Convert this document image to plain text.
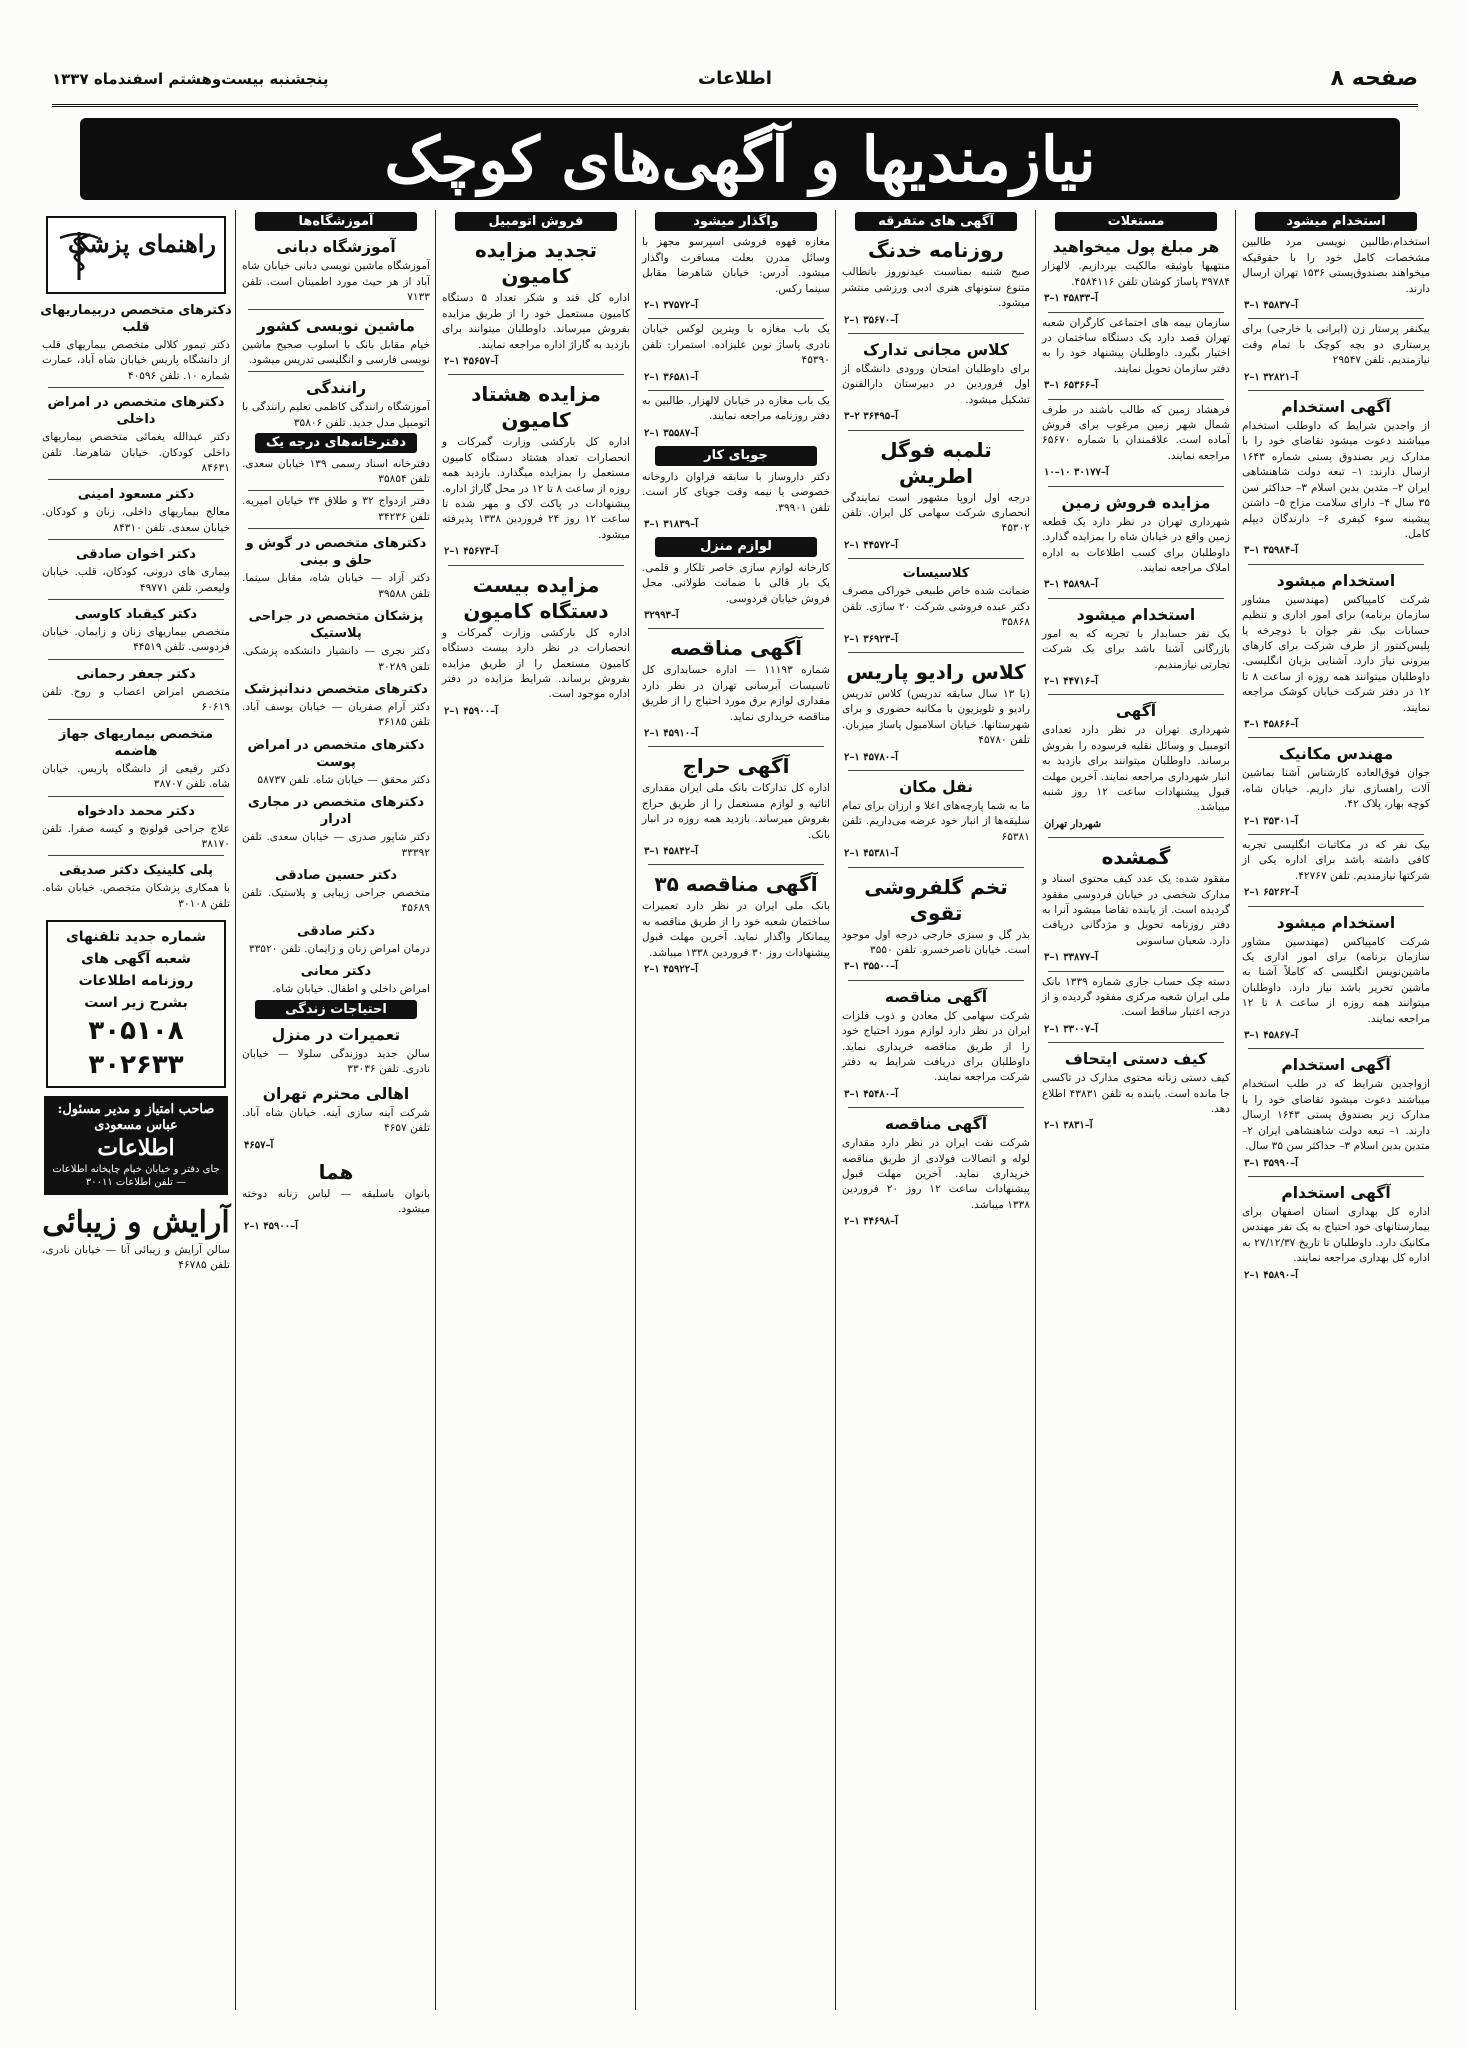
صفحه ۸
اطلاعات
پنجشنبه بیست‌وهشتم اسفندماه ۱۳۳۷
نیازمندیها و آگهی‌های کوچک
استخدام میشود
استخدام،طالبین نویسی مرد طالبین مشخصات کامل خود را با حقوقیکه میخواهند بصندوق‌پستی ۱۵۳۶ تهران ارسال دارند.
۳–۱ آ–۴۵۸۳۷
بیکنفر پرستار زن (ایرانی یا خارجی) برای پرستاری دو بچه کوچک با تمام وقت نیازمندیم. تلفن ۲۹۵۴۷
۲–۱ آ–۳۲۸۲۱
آگهی استخدام
از واجدین شرایط که داوطلب استخدام میباشند دعوت میشود تقاضای خود را با مدارک زیر بصندوق پستی شماره ۱۶۴۳ ارسال دارند: ۱– تبعه دولت شاهنشاهی ایران ۲– متدین بدین اسلام ۳– حداکثر سن ۳۵ سال ۴– دارای سلامت مزاج ۵– داشتن پیشینه سوء کیفری ۶– دارندگان دیپلم کامل.
۳–۱ آ–۳۵۹۸۴
استخدام میشود
شرکت کامپیاکس (مهندسین مشاور سازمان برنامه) برای امور اداری و تنظیم حسابات بیک نفر جوان با دوچرخه یا پلیس‌کنتور از طرف شرکت برای کارهای بیرونی نیاز دارد. آشنایی بزبان انگلیسی. داوطلبان میتوانند همه روزه از ساعت ۸ تا ۱۲ در دفتر شرکت خیابان کوشک مراجعه نمایند.
۳–۱ آ–۴۵۸۶۶
مهندس مکانیک
جوان فوق‌العاده کارشناس آشنا بماشین آلات راهسازی نیاز داریم. خیابان شاه، کوچه بهار، پلاک ۴۲.
۲–۱ آ–۳۵۳۰۱
بیک نفر که در مکاتبات انگلیسی تجربه کافی داشته باشد برای اداره یکی از شرکتها نیازمندیم. تلفن ۴۲۷۶۷.
۲–۱ آ–۶۵۲۶۲
استخدام میشود
شرکت کامپیاکس (مهندسین مشاور سازمان برنامه) برای امور اداری یک ماشین‌نویس انگلیسی که کاملاً آشنا به ماشین تحریر باشد نیاز دارد. داوطلبان میتوانند همه روزه از ساعت ۸ تا ۱۲ مراجعه نمایند.
۳–۱ آ–۴۵۸۶۷
آگهی استخدام
ازواجدین شرایط که در طلب استخدام میباشند دعوت میشود تقاضای خود را با مدارک زیر بصندوق پستی ۱۶۴۳ ارسال دارند. ۱– تبعه دولت شاهنشاهی ایران ۲– متدین بدین اسلام ۳– حداکثر سن ۳۵ سال.
۳–۱ آ–۳۵۹۹۰
آگهی استخدام
اداره کل بهداری استان اصفهان برای بیمارستانهای خود احتیاج به یک نفر مهندس مکانیک دارد. داوطلبان تا تاریخ ۲۷/۱۲/۳۷ به اداره کل بهداری مراجعه نمایند.
۲–۱ آ–۴۵۸۹۰
مستغلات
هر مبلغ پول میخواهید
منتهیها باوثیقه مالکیت بپردازیم. لالهزار ۳۹۷۸۴ پاساژ کوشان تلفن ۴۵۸۴۱۱۶.
۳–۱ آ–۴۵۸۳۳
سازمان بیمه های اجتماعی کارگران شعبه تهران قصد دارد یک دستگاه ساختمان در اختیار بگیرد. داوطلبان پیشنهاد خود را به دفتر سازمان تحویل نمایند.
۳–۱ آ–۶۵۳۶۶
فرهشاد زمین که طالب باشند در طرف شمال شهر زمین مرغوب برای فروش آماده است. علاقمندان با شماره ۶۵۶۷۰ مراجعه نمایند.
۱۰–۱۰ آ–۳۰۱۷۷
مزایده فروش زمین
شهرداری تهران در نظر دارد یک قطعه زمین واقع در خیابان شاه را بمزایده گذارد. داوطلبان برای کسب اطلاعات به اداره املاک مراجعه نمایند.
۳–۱ آ–۴۵۸۹۸
استخدام میشود
یک نفر حسابدار با تجربه که به امور بازرگانی آشنا باشد برای یک شرکت تجارتی نیازمندیم.
۲–۱ آ–۴۴۷۱۶
آگهی
شهرداری تهران در نظر دارد تعدادی اتومبیل و وسائل نقلیه فرسوده را بفروش برساند. داوطلبان میتوانند برای بازدید به انبار شهرداری مراجعه نمایند. آخرین مهلت قبول پیشنهادات ساعت ۱۲ روز شنبه میباشد.
شهردار تهران
گمشده
مفقود شده: یک عدد کیف محتوی اسناد و مدارک شخصی در خیابان فردوسی مفقود گردیده است. از یابنده تقاضا میشود آنرا به دفتر روزنامه تحویل و مژدگانی دریافت دارد. شعبان ساسونی
۳–۱ آ–۳۳۸۷۷
دسته چک حساب جاری شماره ۱۳۳۹ بانک ملی ایران شعبه مرکزی مفقود گردیده و از درجه اعتبار ساقط است.
۲–۱ آ–۳۳۰۰۷
کیف دستی ایتحاف
کیف دستی زنانه محتوی مدارک در تاکسی جا مانده است. یابنده به تلفن ۴۳۸۳۱ اطلاع دهد.
۲–۱ آ–۳۸۳۱
آگهی های متفرقه
روزنامه خدنگ
صبح شنبه بمناسبت عیدنوروز باتطالب متنوع ستونهای هنری ادبی ورزشی منتشر میشود.
۲–۱ آ–۳۵۶۷۰
کلاس مجانی تدارک
برای داوطلبان امتحان ورودی دانشگاه از اول فروردین در دبیرستان دارالفنون تشکیل میشود.
۳–۲ آ–۳۶۴۹۵
تلمبه فوگل اطریش
درجه اول اروپا مشهور است نمایندگی انحصاری شرکت سهامی کل ایران. تلفن ۴۵۳۰۲
۲–۱ آ–۴۴۵۷۲
کلاسیسات
ضمانت شده خاص طبیعی خوراکی مصرف دکتر عبده فروشی شرکت ۲۰ سازی. تلفن ۳۵۸۶۸
۲–۱ آ–۳۶۹۲۳
کلاس رادیو پاریس
(با ۱۳ سال سابقه تدریس) کلاس تدریس رادیو و تلویزیون با مکاتبه حضوری و برای شهرستانها. خیابان اسلامبول پاساژ میزبان. تلفن ۴۵۷۸۰
۲–۱ آ–۴۵۷۸۰
نقل مکان
ما به شما پارچه‌های اعلا و ارزان برای تمام سلیقه‌ها از انبار خود عرضه می‌داریم. تلفن ۶۵۳۸۱
۲–۱ آ–۴۵۳۸۱
تخم گلفروشی تقوی
بذر گل و سبزی خارجی درجه اول موجود است. خیابان ناصرخسرو. تلفن ۳۵۵۰
۳–۱ آ–۳۵۵۰۰
آگهی مناقصه
شرکت سهامی کل معادن و ذوب فلزات ایران در نظر دارد لوازم مورد احتیاج خود را از طریق مناقصه خریداری نماید. داوطلبان برای دریافت شرایط به دفتر شرکت مراجعه نمایند.
۳–۱ آ–۴۵۴۸۰
آگهی مناقصه
شرکت نفت ایران در نظر دارد مقداری لوله و اتصالات فولادی از طریق مناقصه خریداری نماید. آخرین مهلت قبول پیشنهادات ساعت ۱۲ روز ۲۰ فروردین ۱۳۳۸ میباشد.
۲–۱ آ–۴۴۶۹۸
واگذار میشود
مغازه قهوه فروشی اسپرسو مجهز با وسائل مدرن بعلت مسافرت واگذار میشود. آدرس: خیابان شاهرضا مقابل سینما رکس.
۲–۱ آ–۳۷۵۷۲
یک باب مغازه با ویترین لوکس خیابان نادری پاساژ نوبن علیزاده. استمرار: تلفن ۴۵۳۹۰
۲–۱ آ–۳۶۵۸۱
یک باب مغازه در خیابان لالهزار. طالبین به دفتر روزنامه مراجعه نمایند.
۲–۱ آ–۳۵۵۸۷
جویای کار
دکتر داروساز با سابقه فراوان داروخانه خصوصی یا نیمه وقت جویای کار است. تلفن ۳۹۹۰۱.
۳–۱ آ–۳۱۸۳۹
لوازم منزل
کارخانه لوازم سازی خاصر تلکار و قلمی. یک بار قالی با ضمانت طولانی. محل فروش خیابان فردوسی.
آ–۳۲۹۹۳
آگهی مناقصه
شماره ۱۱۱۹۳ — اداره حسابداری کل تاسیسات آبرسانی تهران در نظر دارد مقداری لوازم برق مورد احتیاج را از طریق مناقصه خریداری نماید.
۲–۱ آ–۴۵۹۱۰
آگهی حراج
اداره کل تدارکات بانک ملی ایران مقداری اثاثیه و لوازم مستعمل را از طریق حراج بفروش میرساند. بازدید همه روزه در انبار بانک.
۳–۱ آ–۴۵۸۴۲
آگهی مناقصه ۳۵
بانک ملی ایران در نظر دارد تعمیرات ساختمان شعبه خود را از طریق مناقصه به پیمانکار واگذار نماید. آخرین مهلت قبول پیشنهادات روز ۳۰ فروردین ۱۳۳۸ میباشد.
۲–۱ آ–۴۵۹۲۲
فروش اتومبیل
تجدید مزایده کامیون
اداره کل قند و شکر تعداد ۵ دستگاه کامیون مستعمل خود را از طریق مزایده بفروش میرساند. داوطلبان میتوانند برای بازدید به گاراژ اداره مراجعه نمایند.
۲–۱ آ–۴۵۶۵۷
مزایده هشتاد کامیون
اداره کل بارکشی وزارت گمرکات و انحصارات تعداد هشتاد دستگاه کامیون مستعمل را بمزایده میگذارد. بازدید همه روزه از ساعت ۸ تا ۱۲ در محل گاراژ اداره. پیشنهادات در پاکت لاک و مهر شده تا ساعت ۱۲ روز ۲۴ فروردین ۱۳۳۸ پذیرفته میشود.
۲–۱ آ–۴۵۶۷۳
مزایده بیست دستگاه کامیون
اداره کل بارکشی وزارت گمرکات و انحصارات در نظر دارد بیست دستگاه کامیون مستعمل را از طریق مزایده بفروش برساند. شرایط مزایده در دفتر اداره موجود است.
۲–۱ آ–۴۵۹۰۰
آموزشگاه‌ها
آموزشگاه دبانی
آموزشگاه ماشین نویسی دبانی خیابان شاه آباد از هر حیث مورد اطمینان است. تلفن ۷۱۳۳
ماشین نویسی کشور
خیام مقابل بانک با اسلوب صحیح ماشین نویسی فارسی و انگلیسی تدریس میشود.
رانندگی
آموزشگاه رانندگی کاظمی تعلیم رانندگی با اتومبیل مدل جدید. تلفن ۳۵۸۰۶
دفترخانه‌های درجه یک
دفترخانه اسناد رسمی ۱۳۹ خیابان سعدی. تلفن ۳۵۸۵۴
دفتر ازدواج ۳۲ و طلاق ۳۴ خیابان امیریه. تلفن ۳۴۲۳۶
دکترهای متخصص در گوش و حلق و بینی
دکتر آزاد — خیابان شاه، مقابل سینما. تلفن ۳۹۵۸۸
پزشکان متخصص در جراحی پلاستیک
دکتر نجری — دانشیار دانشکده پزشکی. تلفن ۳۰۲۸۹
دکترهای متخصص دندانپزشک
دکتر آرام صفریان — خیابان یوسف آباد. تلفن ۳۶۱۸۵
دکترهای متخصص در امراض پوست
دکتر محقق — خیابان شاه. تلفن ۵۸۷۳۷
دکترهای متخصص در مجاری ادرار
دکتر شاپور صدری — خیابان سعدی. تلفن ۳۳۳۹۲
دکتر حسین صادقی
متخصص جراحی زیبایی و پلاستیک. تلفن ۴۵۶۸۹
دکتر صادقی
درمان امراض زنان و زایمان. تلفن ۳۳۵۲۰
دکتر معانی
امراض داخلی و اطفال. خیابان شاه.
احتیاجات زندگی
تعمیرات در منزل
سالن جدید دوزندگی سلولا — خیابان نادری. تلفن ۳۳۰۳۶
اهالی محترم تهران
شرکت آینه سازی آینه. خیابان شاه آباد. تلفن ۴۶۵۷
آ–۴۶۵۷
هما
بانوان باسلیقه — لباس زنانه دوخته میشود.
۲–۱ آ–۴۵۹۰۰
راهنمای پزشک
دکترهای متخصص دربیماریهای قلب
دکتر تیمور کلالی متخصص بیماریهای قلب از دانشگاه پاریس خیابان شاه آباد، عمارت شماره ۱۰. تلفن ۴۰۵۹۶
دکترهای متخصص در امراض داخلی
دکتر عبدالله یغمائی متخصص بیماریهای داخلی کودکان. خیابان شاهرضا. تلفن ۸۴۶۳۱
دکتر مسعود امینی
معالج بیماریهای داخلی، زنان و کودکان. خیابان سعدی. تلفن ۸۴۳۱۰
دکتر اخوان صادقی
بیماری های درونی، کودکان، قلب. خیابان ولیعصر. تلفن ۴۹۷۷۱
دکتر کیقباد کاوسی
متخصص بیماریهای زنان و زایمان. خیابان فردوسی. تلفن ۴۴۵۱۹
دکتر جعفر رحمانی
متخصص امراض اعصاب و روح. تلفن ۶۰۶۱۹
متخصص بیماریهای جهاز هاضمه
دکتر رفیعی از دانشگاه پاریس. خیابان شاه. تلفن ۳۸۷۰۷
دکتر محمد دادخواه
علاج جراحی قولونج و کیسه صفرا. تلفن ۳۸۱۷۰
پلی کلینیک دکتر صدیقی
با همکاری پزشکان متخصص. خیابان شاه. تلفن ۳۰۱۰۸
شماره جدید تلفنهای
شعبه آگهی های
روزنامه اطلاعات
بشرح زیر است
۳۰۵۱۰۸
۳۰۲۶۳۳
صاحب امتیاز و مدیر مسئول: عباس مسعودی
اطلاعات
جای دفتر و خیابان خیام چاپخانه اطلاعات — تلفن اطلاعات ۳۰۰۱۱
آرایش و زیبائی
سالن آرایش و زیبائی آنا — خیابان نادری، تلفن ۴۶۷۸۵
